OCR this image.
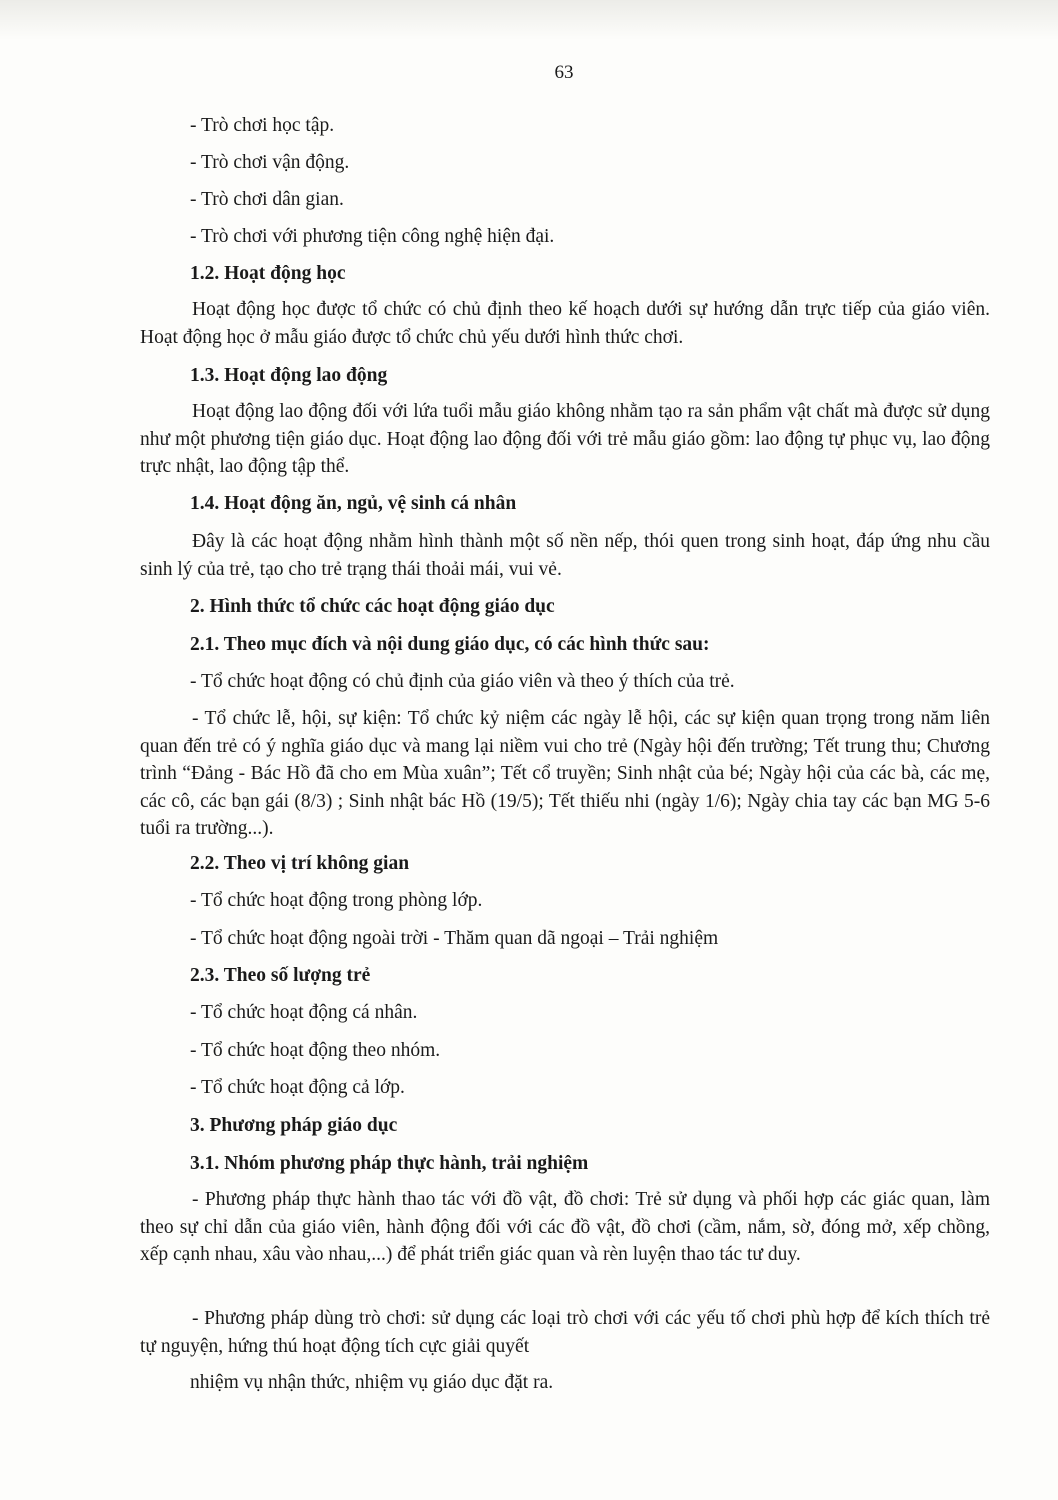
63
- Trò chơi học tập.
- Trò chơi vận động.
- Trò chơi dân gian.
- Trò chơi với phương tiện công nghệ hiện đại.
1.2. Hoạt động học
Hoạt động học được tổ chức có chủ định theo kế hoạch dưới sự hướng dẫn trực tiếp của giáo viên. Hoạt động học ở mẫu giáo được tổ chức chủ yếu dưới hình thức chơi.
1.3. Hoạt động lao động
Hoạt động lao động đối với lứa tuổi mẫu giáo không nhằm tạo ra sản phẩm vật chất mà được sử dụng như một phương tiện giáo dục. Hoạt động lao động đối với trẻ mẫu giáo gồm: lao động tự phục vụ, lao động trực nhật, lao động tập thể.
1.4. Hoạt động ăn, ngủ, vệ sinh cá nhân
Đây là các hoạt động nhằm hình thành một số nền nếp, thói quen trong sinh hoạt, đáp ứng nhu cầu sinh lý của trẻ, tạo cho trẻ trạng thái thoải mái, vui vẻ.
2. Hình thức tổ chức các hoạt động giáo dục
2.1. Theo mục đích và nội dung giáo dục, có các hình thức sau:
- Tổ chức hoạt động có chủ định của giáo viên và theo ý thích của trẻ.
- Tổ chức lễ, hội, sự kiện: Tổ chức kỷ niệm các ngày lễ hội, các sự kiện quan trọng trong năm liên quan đến trẻ có ý nghĩa giáo dục và mang lại niềm vui cho trẻ (Ngày hội đến trường; Tết trung thu; Chương trình “Đảng - Bác Hồ đã cho em Mùa xuân”; Tết cổ truyền; Sinh nhật của bé; Ngày hội của các bà, các mẹ, các cô, các bạn gái (8/3) ; Sinh nhật bác Hồ (19/5); Tết thiếu nhi (ngày 1/6); Ngày chia tay các bạn MG 5-6 tuổi ra trường...).
2.2. Theo vị trí không gian
- Tổ chức hoạt động trong phòng lớp.
- Tổ chức hoạt động ngoài trời - Thăm quan dã ngoại – Trải nghiệm
2.3. Theo số lượng trẻ
- Tổ chức hoạt động cá nhân.
- Tổ chức hoạt động theo nhóm.
- Tổ chức hoạt động cả lớp.
3. Phương pháp giáo dục
3.1. Nhóm phương pháp thực hành, trải nghiệm
- Phương pháp thực hành thao tác với đồ vật, đồ chơi: Trẻ sử dụng và phối hợp các giác quan, làm theo sự chỉ dẫn của giáo viên, hành động đối với các đồ vật, đồ chơi (cầm, nắm, sờ, đóng mở, xếp chồng, xếp cạnh nhau, xâu vào nhau,...) để phát triển giác quan và rèn luyện thao tác tư duy.
- Phương pháp dùng trò chơi: sử dụng các loại trò chơi với các yếu tố chơi phù hợp để kích thích trẻ tự nguyện, hứng thú hoạt động tích cực giải quyết
nhiệm vụ nhận thức, nhiệm vụ giáo dục đặt ra.
